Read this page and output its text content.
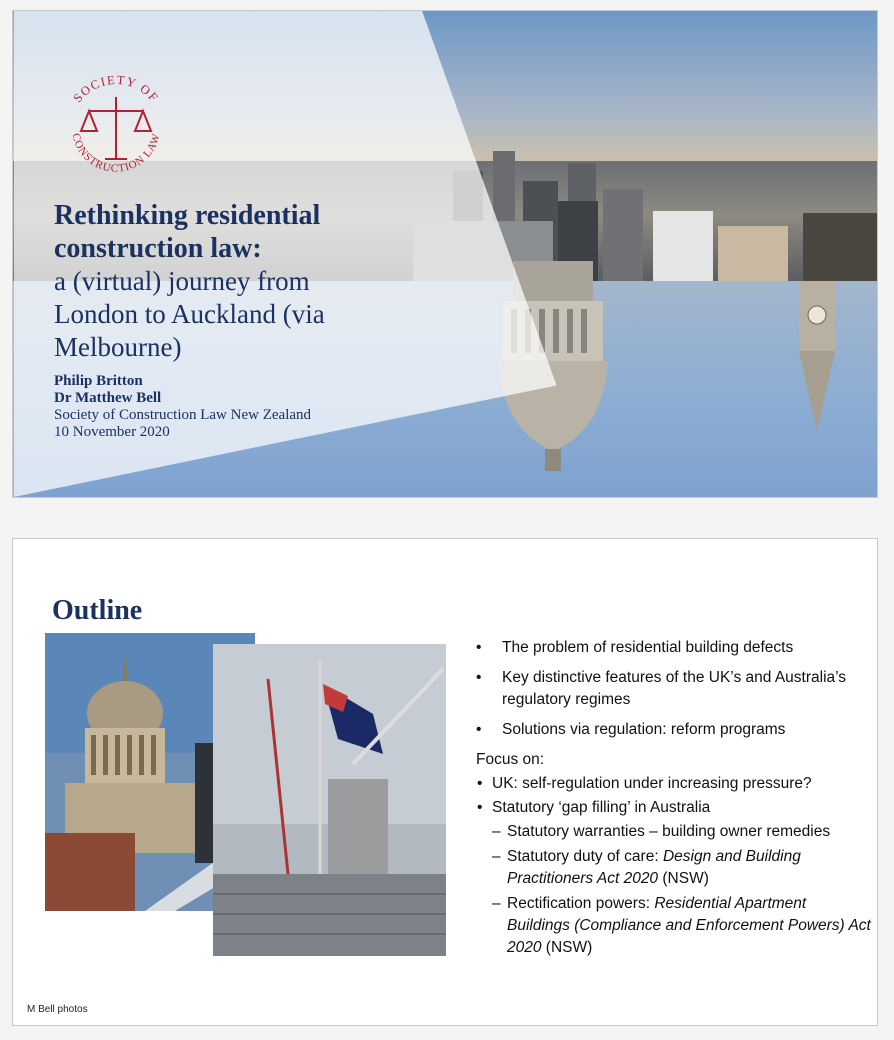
SOCIETY OF
CONSTRUCTION LAW
Rethinking residential
construction law:
a (virtual) journey from
London to Auckland (via
Melbourne)
Philip Britton
Dr Matthew Bell
Society of Construction Law New Zealand
10 November 2020
Outline
M Bell photos
• The problem of residential building defects
• Key distinctive features of the UK’s and Australia’s regulatory regimes
• Solutions via regulation: reform programs
Focus on:
• UK: self-regulation under increasing pressure?
• Statutory ‘gap filling’ in Australia
– Statutory warranties – building owner remedies
– Statutory duty of care: Design and Building Practitioners Act 2020 (NSW)
– Rectification powers: Residential Apartment Buildings (Compliance and Enforcement Powers) Act 2020 (NSW)
